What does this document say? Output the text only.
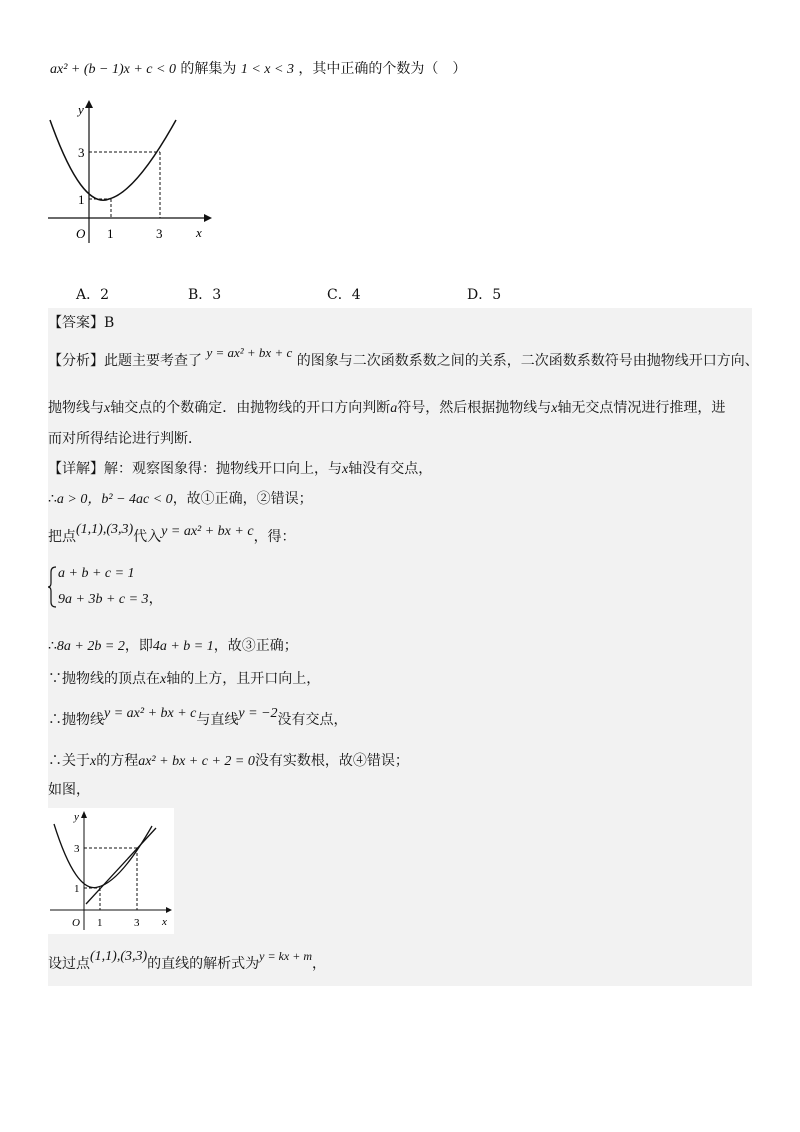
ax² + (b − 1)x + c < 0 的解集为 1 < x < 3 ，其中正确的个数为（　）
y
x
O 1	3
1
3
A．2	B．3	C．4	D．5
【答案】B
【分析】此题主要考查了 y = ax² + bx + c 的图象与二次函数系数之间的关系，二次函数系数符号由抛物线开口方向、
抛物线与x轴交点的个数确定．由抛物线的开口方向判断a符号，然后根据抛物线与x轴无交点情况进行推理，进
而对所得结论进行判断．
【详解】解：观察图象得：抛物线开口向上，与x轴没有交点，
∴a > 0，b² − 4ac < 0，故①正确，②错误；
把点(1,1),(3,3)代入y = ax² + bx + c，得：
a + b + c = 1
9a + 3b + c = 3，
∴8a + 2b = 2，即4a + b = 1，故③正确；
∵抛物线的顶点在x轴的上方，且开口向上，
∴抛物线y = ax² + bx + c与直线y = −2没有交点，
∴关于x的方程ax² + bx + c + 2 = 0没有实数根，故④错误；
如图，
y
x
O 1	3
1
3
设过点(1,1),(3,3)的直线的解析式为y = kx + m，
